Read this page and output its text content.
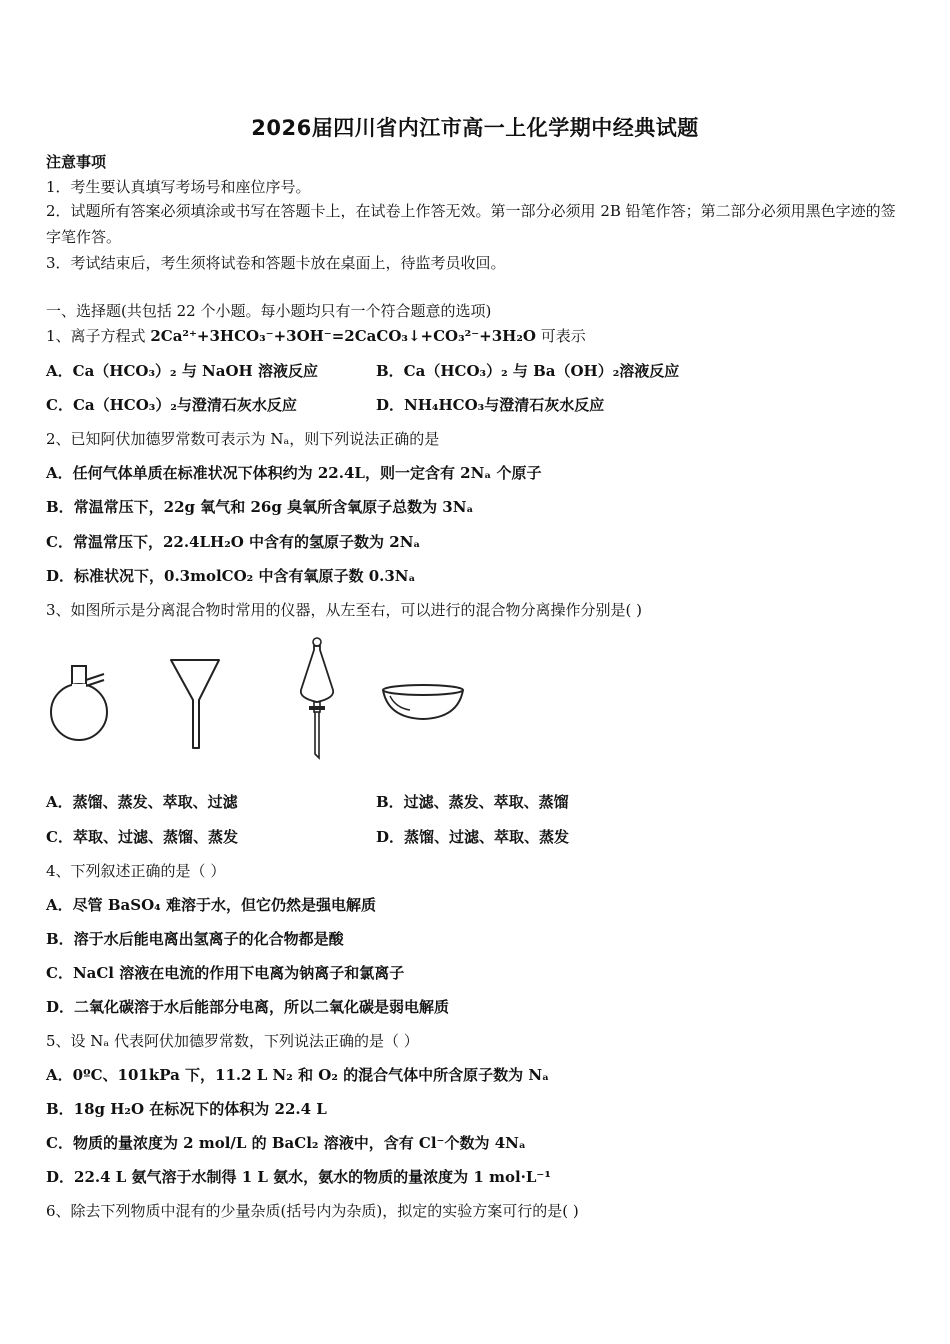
2026届四川省内江市高一上化学期中经典试题
注意事项
1．考生要认真填写考场号和座位序号。
2．试题所有答案必须填涂或书写在答题卡上，在试卷上作答无效。第一部分必须用 2B 铅笔作答；第二部分必须用黑色字迹的签字笔作答。
3．考试结束后，考生须将试卷和答题卡放在桌面上，待监考员收回。
一、选择题(共包括 22 个小题。每小题均只有一个符合题意的选项)
1、离子方程式 2Ca²⁺+3HCO₃⁻+3OH⁻=2CaCO₃↓+CO₃²⁻+3H₂O 可表示
A．Ca（HCO₃）₂ 与 NaOH 溶液反应	B．Ca（HCO₃）₂ 与 Ba（OH）₂溶液反应
C．Ca（HCO₃）₂与澄清石灰水反应	D．NH₄HCO₃与澄清石灰水反应
2、已知阿伏加德罗常数可表示为 Nₐ，则下列说法正确的是
A．任何气体单质在标准状况下体积约为 22.4L，则一定含有 2Nₐ 个原子
B．常温常压下，22g 氧气和 26g 臭氧所含氧原子总数为 3Nₐ
C．常温常压下，22.4LH₂O 中含有的氢原子数为 2Nₐ
D．标准状况下，0.3molCO₂ 中含有氧原子数 0.3Nₐ
3、如图所示是分离混合物时常用的仪器，从左至右，可以进行的混合物分离操作分别是( )
A．蒸馏、蒸发、萃取、过滤	B．过滤、蒸发、萃取、蒸馏
C．萃取、过滤、蒸馏、蒸发	D．蒸馏、过滤、萃取、蒸发
4、下列叙述正确的是（ ）
A．尽管 BaSO₄ 难溶于水，但它仍然是强电解质
B．溶于水后能电离出氢离子的化合物都是酸
C．NaCl 溶液在电流的作用下电离为钠离子和氯离子
D．二氧化碳溶于水后能部分电离，所以二氧化碳是弱电解质
5、设 Nₐ 代表阿伏加德罗常数，下列说法正确的是（ ）
A．0ºC、101kPa 下，11.2 L N₂ 和 O₂ 的混合气体中所含原子数为 Nₐ
B．18g H₂O 在标况下的体积为 22.4 L
C．物质的量浓度为 2 mol/L 的 BaCl₂ 溶液中，含有 Cl⁻个数为 4Nₐ
D．22.4 L 氨气溶于水制得 1 L 氨水，氨水的物质的量浓度为 1 mol·L⁻¹
6、除去下列物质中混有的少量杂质(括号内为杂质)，拟定的实验方案可行的是( )
